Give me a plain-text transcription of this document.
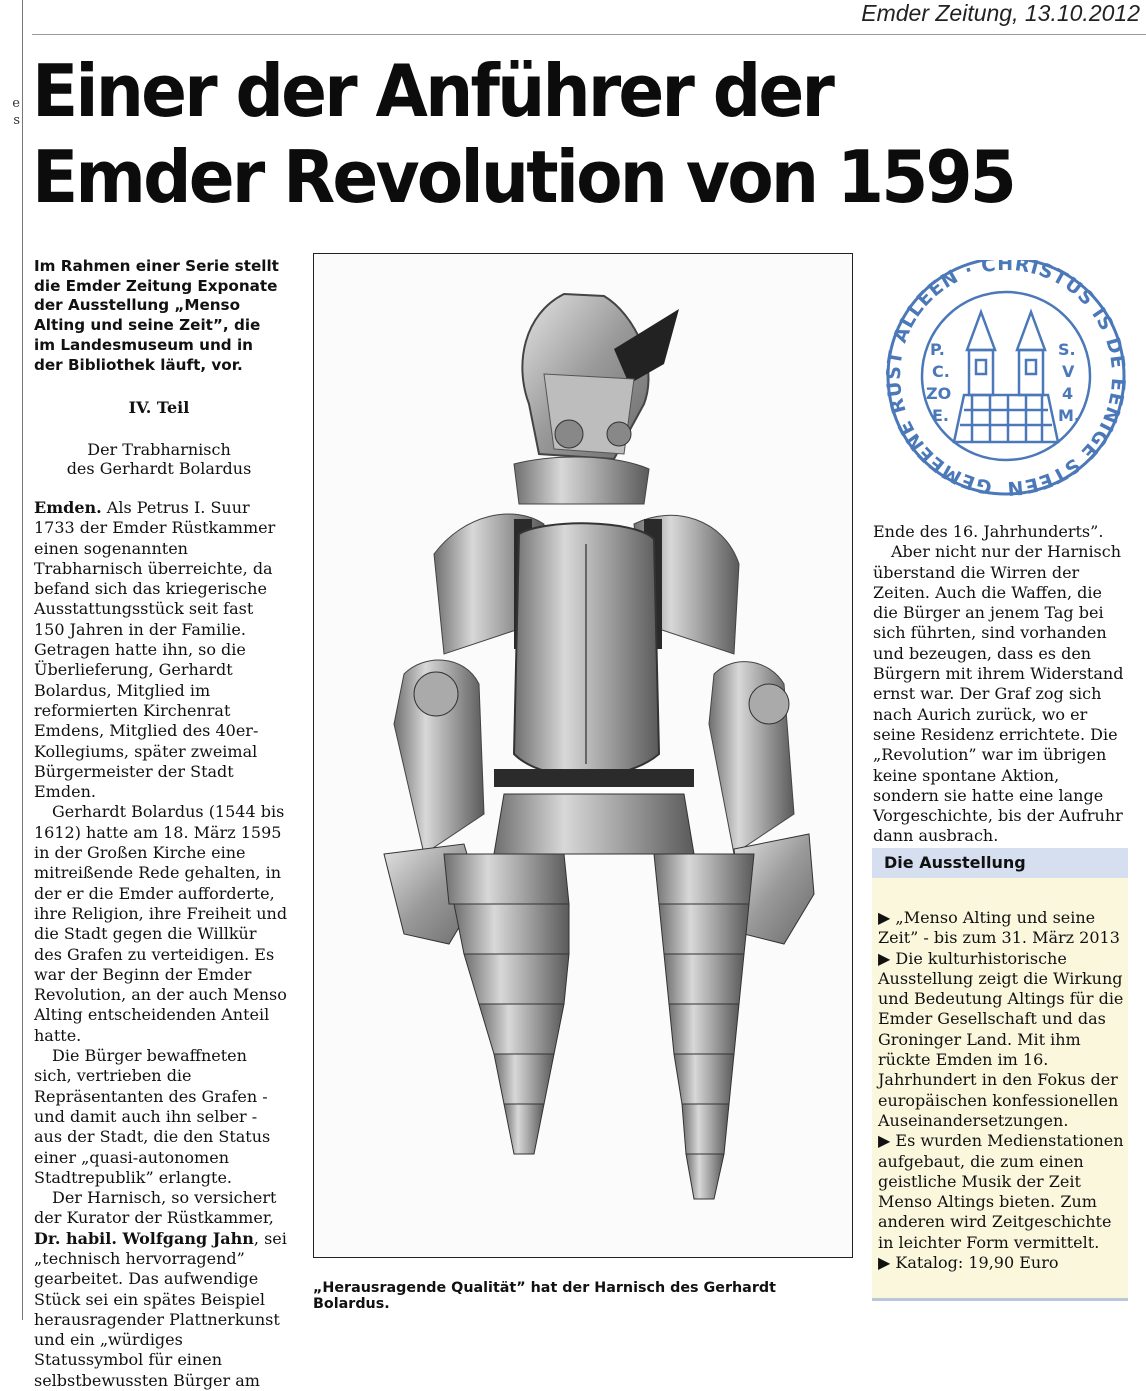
e
s
Emder Zeitung, 13.10.2012
Einer der Anführer der
Emder Revolution von 1595
Im Rahmen einer Serie stellt die Emder Zeitung Exponate der Ausstellung „Menso Alting und seine Zeit”, die im Landesmuseum und in der Bibliothek läuft, vor.
IV. Teil
Der Trabharnisch
des Gerhardt Bolardus

Emden. Als Petrus I. Suur 1733 der Emder Rüstkammer einen sogenannten Trabharnisch überreichte, da befand sich das kriegerische Ausstattungsstück seit fast 150 Jahren in der Familie. Getragen hatte ihn, so die Überlieferung, Gerhardt Bolardus, Mitglied im reformierten Kirchenrat Emdens, Mitglied des 40er-Kollegiums, später zweimal Bürgermeister der Stadt Emden.

Gerhardt Bolardus (1544 bis 1612) hatte am 18. März 1595 in der Großen Kirche eine mitreißende Rede gehalten, in der er die Emder aufforderte, ihre Religion, ihre Freiheit und die Stadt gegen die Willkür des Grafen zu verteidigen. Es war der Beginn der Emder Revolution, an der auch Menso Alting entscheidenden Anteil hatte.

Die Bürger bewaffneten sich, vertrieben die Repräsentanten des Grafen - und damit auch ihn selber - aus der Stadt, die den Status einer „quasi-autonomen Stadtrepublik” erlangte.

Der Harnisch, so versichert der Kurator der Rüstkammer, Dr. habil. Wolfgang Jahn, sei „technisch hervorragend” gearbeitet. Das aufwendige Stück sei ein spätes Beispiel herausragender Plattnerkunst und ein „würdiges Statussymbol für einen selbstbewussten Bürger am

„Herausragende Qualität” hat der Harnisch des Gerhardt Bolardus.
GEMEENE RUST ALLEEN · CHRISTUS IS DE EENIGE STEEN
P.
C.
ZO
E.
S.
V
4
M.

Ende des 16. Jahrhunderts”.

Aber nicht nur der Harnisch überstand die Wirren der Zeiten. Auch die Waffen, die die Bürger an jenem Tag bei sich führten, sind vorhanden und bezeugen, dass es den Bürgern mit ihrem Widerstand ernst war. Der Graf zog sich nach Aurich zurück, wo er seine Residenz errichtete. Die „Revolution” war im übrigen keine spontane Aktion, sondern sie hatte eine lange Vorgeschichte, bis der Aufruhr dann ausbrach.

Die Ausstellung

▶ „Menso Alting und seine Zeit” - bis zum 31. März 2013

▶ Die kulturhistorische Ausstellung zeigt die Wirkung und Bedeutung Altings für die Emder Gesellschaft und das Groninger Land. Mit ihm rückte Emden im 16. Jahrhundert in den Fokus der europäischen konfessionellen Auseinandersetzungen.

▶ Es wurden Medienstationen aufgebaut, die zum einen geistliche Musik der Zeit Menso Altings bieten. Zum anderen wird Zeitgeschichte in leichter Form vermittelt.

▶ Katalog: 19,90 Euro
